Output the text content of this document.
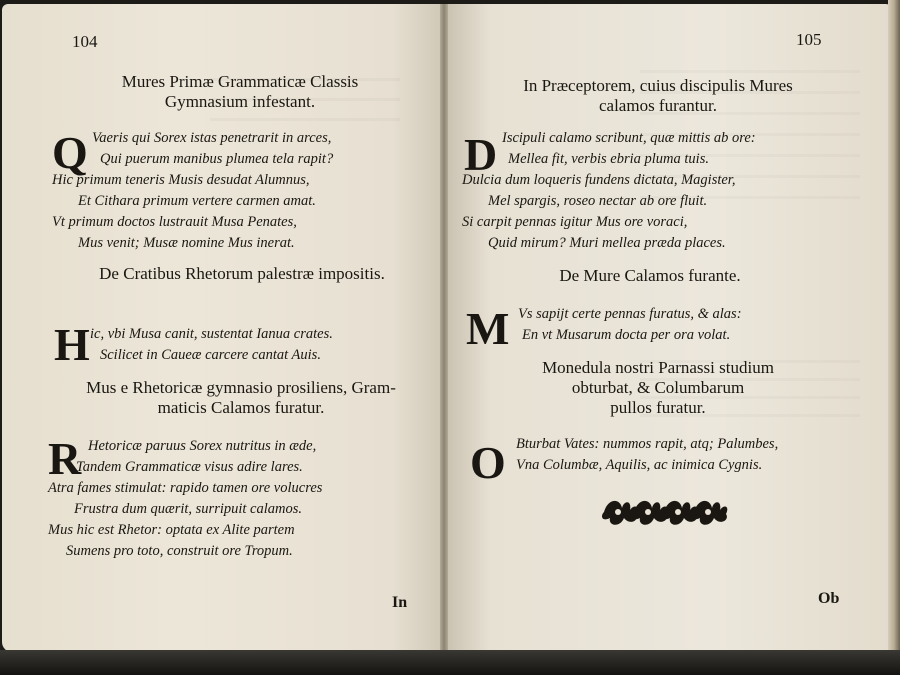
104
Mures Primæ Grammaticæ Classis
Gymnasium infestant.
Q Vaeris qui Sorex istas penetrarit in arces,
Qui puerum manibus plumea tela rapit?
Hic primum teneris Musis desudat Alumnus,
Et Cithara primum vertere carmen amat.
Vt primum doctos lustrauit Musa Penates,
Mus venit; Musæ nomine Mus inerat.
De Cratibus Rhetorum palestræ impositis.
H ic, vbi Musa canit, sustentat Ianua crates.
Scilicet in Caueæ carcere cantat Auis.
Mus e Rhetoricæ gymnasio prosiliens, Gram-
maticis Calamos furatur.
R Hetoricæ paruus Sorex nutritus in æde,
Tandem Grammaticæ visus adire lares.
Atra fames stimulat: rapido tamen ore volucres
Frustra dum quærit, surripuit calamos.
Mus hic est Rhetor: optata ex Alite partem
Sumens pro toto, construit ore Tropum.
In
105
In Præceptorem, cuius discipulis Mures
calamos furantur.
D Iscipuli calamo scribunt, quæ mittis ab ore:
Mellea fit, verbis ebria pluma tuis.
Dulcia dum loqueris fundens dictata, Magister,
Mel spargis, roseo nectar ab ore fluit.
Si carpit pennas igitur Mus ore voraci,
Quid mirum? Muri mellea præda places.
De Mure Calamos furante.
M Vs sapijt certe pennas furatus, & alas:
En vt Musarum docta per ora volat.
Monedula nostri Parnassi studium
obturbat, & Columbarum
pullos furatur.
O Bturbat Vates: nummos rapit, atq; Palumbes,
Vna Columbæ, Aquilis, ac inimica Cygnis.
Ob
